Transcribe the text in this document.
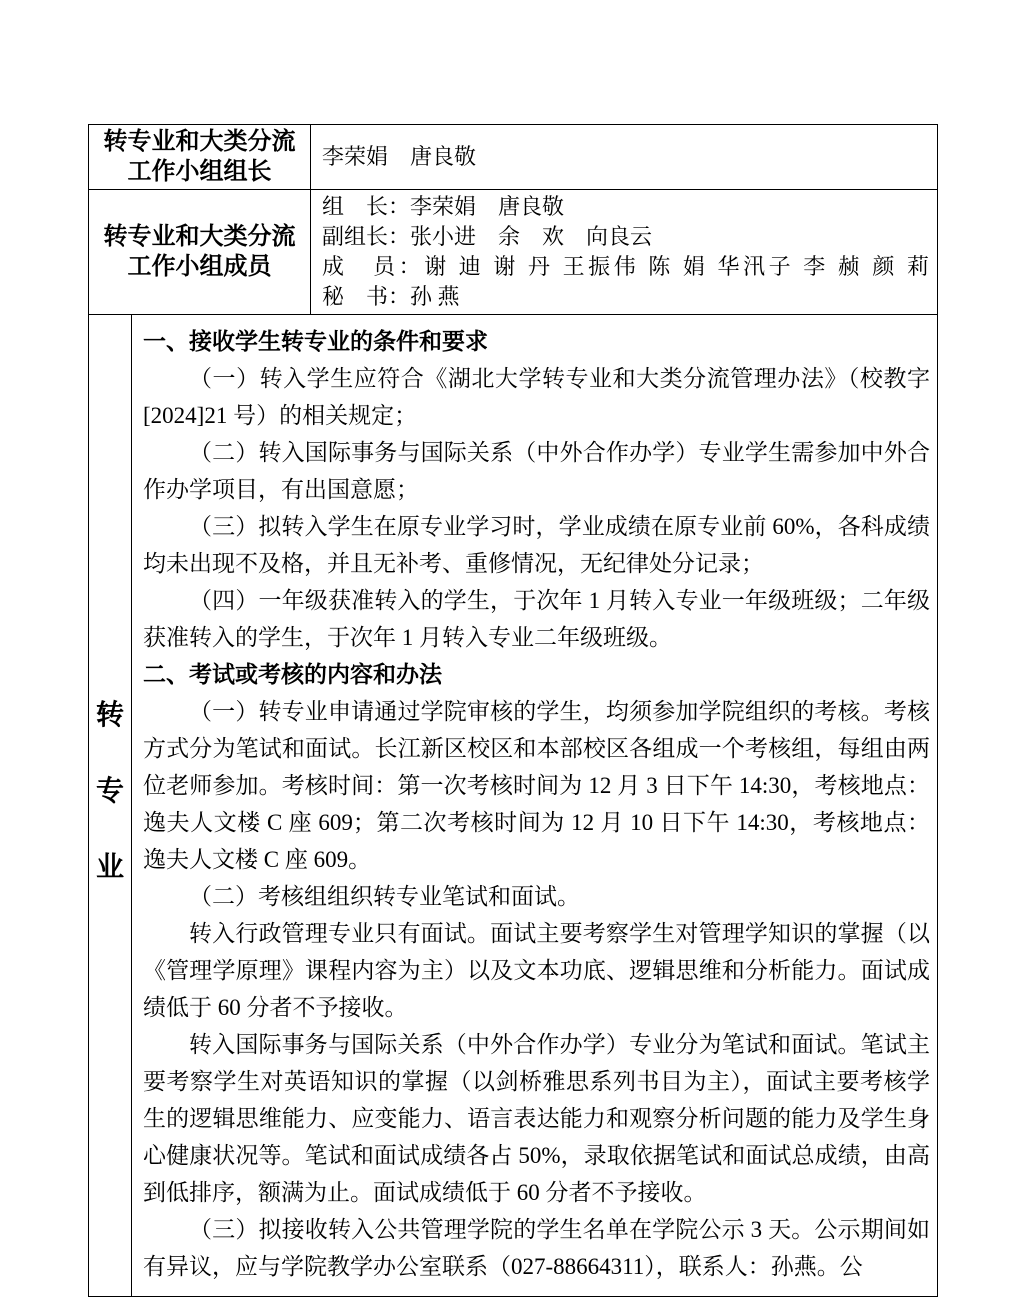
转专业和大类分流
工作小组组长
李荣娟　唐良敬
转专业和大类分流
工作小组成员
组　长：李荣娟　唐良敬
副组长：张小进　余　欢　向良云
成　员：谢 迪 谢 丹 王振伟 陈 娟 华汛子 李 赪 颜 莉
秘　书：孙 燕
转
专
业
一、接收学生转专业的条件和要求
（一）转入学生应符合《湖北大学转专业和大类分流管理办法》（校教字[2024]21 号）的相关规定；
（二）转入国际事务与国际关系（中外合作办学）专业学生需参加中外合作办学项目，有出国意愿；
（三）拟转入学生在原专业学习时，学业成绩在原专业前 60%，各科成绩均未出现不及格，并且无补考、重修情况，无纪律处分记录；
（四）一年级获准转入的学生，于次年 1 月转入专业一年级班级；二年级获准转入的学生，于次年 1 月转入专业二年级班级。
二、考试或考核的内容和办法
（一）转专业申请通过学院审核的学生，均须参加学院组织的考核。考核方式分为笔试和面试。长江新区校区和本部校区各组成一个考核组，每组由两位老师参加。考核时间：第一次考核时间为 12 月 3 日下午 14:30，考核地点：逸夫人文楼 C 座 609；第二次考核时间为 12 月 10 日下午 14:30，考核地点：逸夫人文楼 C 座 609。
（二）考核组组织转专业笔试和面试。
转入行政管理专业只有面试。面试主要考察学生对管理学知识的掌握（以《管理学原理》课程内容为主）以及文本功底、逻辑思维和分析能力。面试成绩低于 60 分者不予接收。
转入国际事务与国际关系（中外合作办学）专业分为笔试和面试。笔试主要考察学生对英语知识的掌握（以剑桥雅思系列书目为主），面试主要考核学生的逻辑思维能力、应变能力、语言表达能力和观察分析问题的能力及学生身心健康状况等。笔试和面试成绩各占 50%，录取依据笔试和面试总成绩，由高到低排序，额满为止。面试成绩低于 60 分者不予接收。
（三）拟接收转入公共管理学院的学生名单在学院公示 3 天。公示期间如有异议，应与学院教学办公室联系（027-88664311），联系人：孙燕。公
